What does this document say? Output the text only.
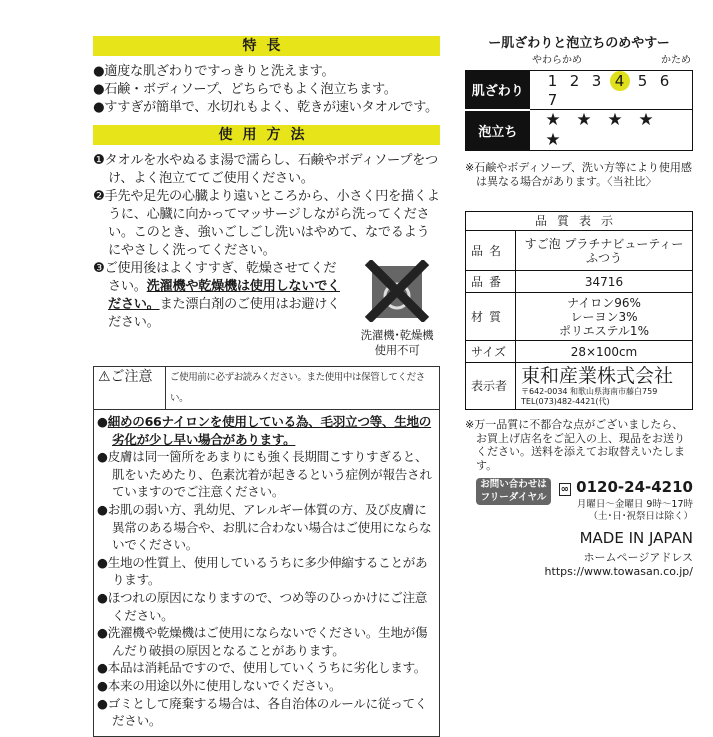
特長
●適度な肌ざわりですっきりと洗えます。
●石鹸・ボディソープ、どちらでもよく泡立ちます。
●すすぎが簡単で、水切れもよく、乾きが速いタオルです。
使用方法
❶タオルを水やぬるま湯で濡らし、石鹸やボディソープをつけ、よく泡立ててご使用ください。
❷手先や足先の心臓より遠いところから、小さく円を描くように、心臓に向かってマッサージしながら洗ってください。このとき、強いごしごし洗いはやめて、なでるようにやさしく洗ってください。
洗濯機･乾燥機 使用不可
❸ご使用後はよくすすぎ、乾燥させてください。洗濯機や乾燥機は使用しないでください。また漂白剤のご使用はお避けください。
⚠ご注意	ご使用前に必ずお読みください。また使用中は保管してください。
●細めの66ナイロンを使用している為、毛羽立つ等、生地の劣化が少し早い場合があります。
●皮膚は同一箇所をあまりにも強く長期間こすりすぎると、肌をいためたり、色素沈着が起きるという症例が報告されていますのでご注意ください。
●お肌の弱い方、乳幼児、アレルギー体質の方、及び皮膚に異常のある場合や、お肌に合わない場合はご使用にならないでください。
●生地の性質上、使用しているうちに多少伸縮することがあります。
●ほつれの原因になりますので、つめ等のひっかけにご注意ください。
●洗濯機や乾燥機はご使用にならないでください。生地が傷んだり破損の原因となることがあります。
●本品は消耗品ですので、使用していくうちに劣化します。
●本来の用途以外に使用しないでください。
●ゴミとして廃棄する場合は、各自治体のルールに従ってください。
ー肌ざわりと泡立ちのめやすー
やわらかめ	かため
肌ざわり	1 2 3 4 5 67
泡立ち	★ ★ ★ ★★
※石鹸やボディソープ、洗い方等により使用感は異なる場合があります。〈当社比〉
品質表示	
品名	すご泡 プラチナビューティー ふつう
品番	34716
材質	ナイロン96%
レーヨン3%
ポリエステル1%

サイズ	28×100cm
表示者	東和産業株式会社
〒642-0034 和歌山県海南市藤白759
TEL(073)482-4421(代)
※万一品質に不都合な点がございましたら、お買上げ店名をご記入の上、現品をお送りください。送料を添えてお取替えいたします。
お問い合わせは フリーダイヤル
∞ 0120-24-4210
月曜日～金曜日 9時～17時
（土･日･祝祭日は除く）
MADE IN JAPAN
ホームページアドレス
https://www.towasan.co.jp/
